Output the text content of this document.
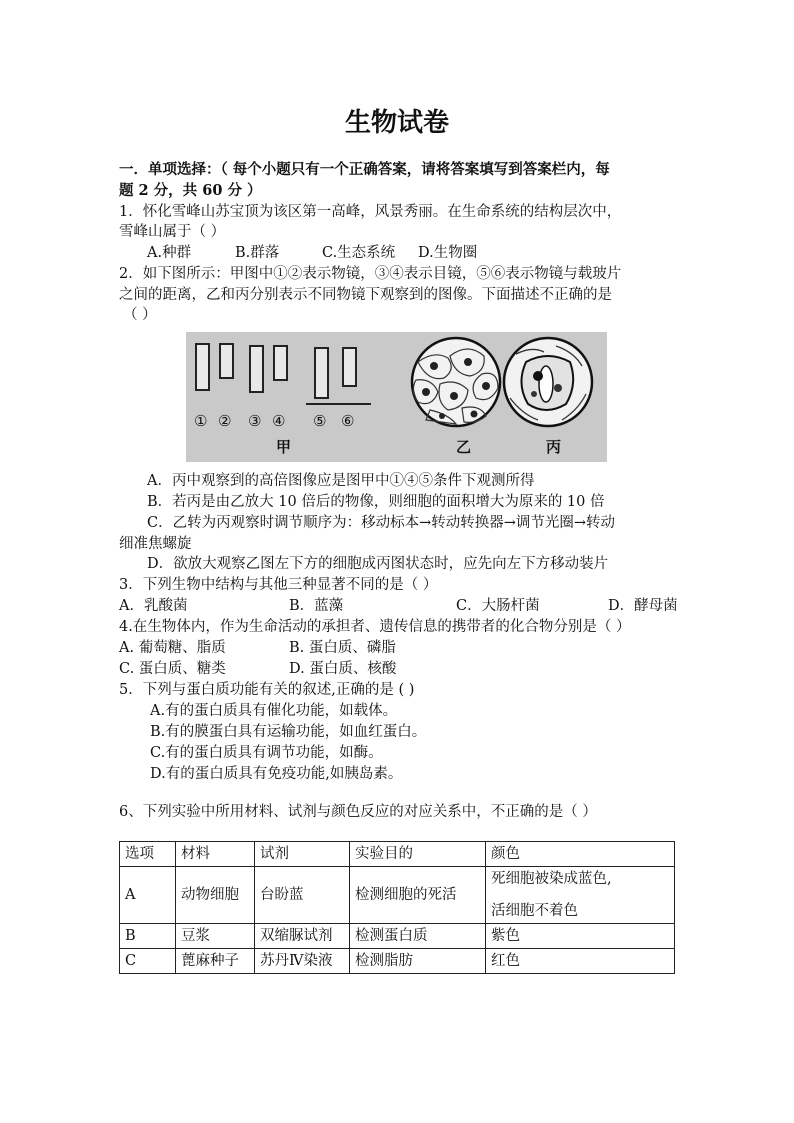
生物试卷
一．单项选择：（ 每个小题只有一个正确答案，请将答案填写到答案栏内，每
题 2 分，共 60 分 ）
1．怀化雪峰山苏宝顶为该区第一高峰，风景秀丽。在生命系统的结构层次中，
雪峰山属于（ ）
A.种群	B.群落	C.生态系统 D.生物圈
2．如下图所示：甲图中①②表示物镜，③④表示目镜，⑤⑥表示物镜与载玻片
之间的距离，乙和丙分别表示不同物镜下观察到的图像。下面描述不正确的是
（ ）
① ② ③ ④ ⑤ ⑥
甲	乙	丙
A．丙中观察到的高倍图像应是图甲中①④⑤条件下观测所得
B．若丙是由乙放大 10 倍后的物像，则细胞的面积增大为原来的 10 倍
C．乙转为丙观察时调节顺序为：移动标本→转动转换器→调节光圈→转动
细准焦螺旋
D．欲放大观察乙图左下方的细胞成丙图状态时，应先向左下方移动装片
3．下列生物中结构与其他三种显著不同的是（ ）
A．乳酸菌	B．蓝藻	C．大肠杆菌	D．酵母菌
4.在生物体内，作为生命活动的承担者、遗传信息的携带者的化合物分别是（ ）
A. 葡萄糖、脂质	B. 蛋白质、磷脂
C. 蛋白质、糖类	D. 蛋白质、核酸
5．下列与蛋白质功能有关的叙述,正确的是 ( )
A.有的蛋白质具有催化功能，如载体。
B.有的膜蛋白具有运输功能，如血红蛋白。
C.有的蛋白质具有调节功能，如酶。
D.有的蛋白质具有免疫功能,如胰岛素。
6、下列实验中所用材料、试剂与颜色反应的对应关系中，不正确的是（ ）
选项	材料	试剂	实验目的	颜色
A	动物细胞	台盼蓝	检测细胞的死活	死细胞被染成蓝色,
活细胞不着色

B	豆浆	双缩脲试剂	检测蛋白质	紫色
C	蓖麻种子	苏丹Ⅳ染液	检测脂肪	红色
